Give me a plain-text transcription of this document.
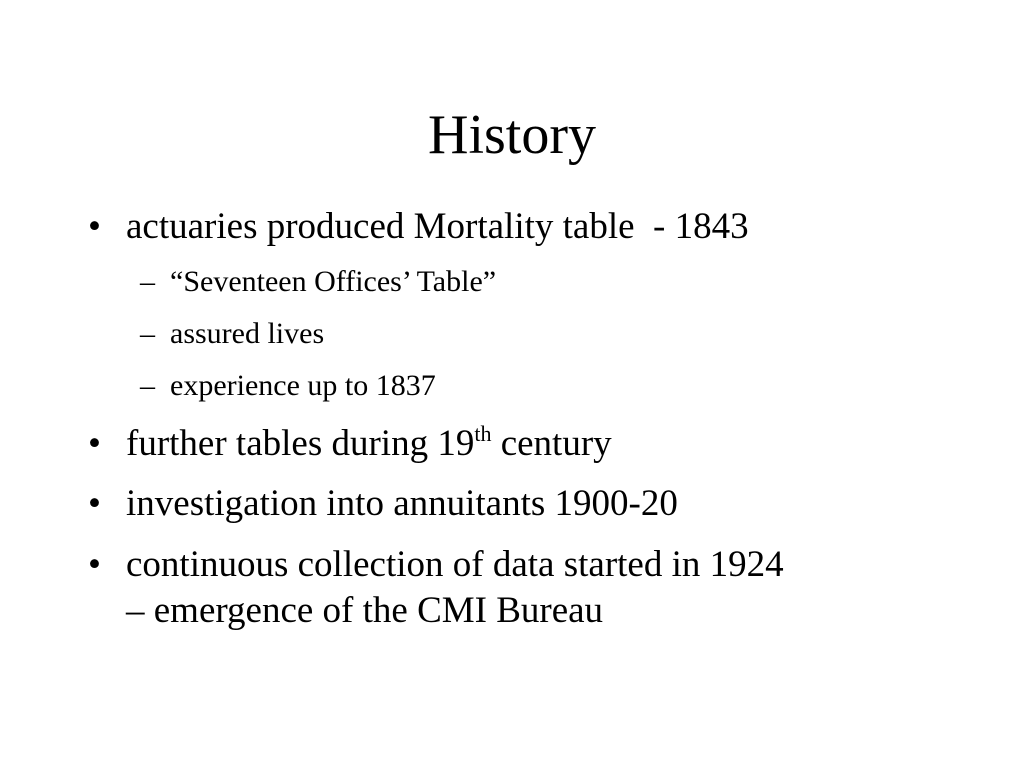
History
• actuaries produced Mortality table  - 1843
– “Seventeen Offices’ Table”
– assured lives
– experience up to 1837
• further tables during 19th century
• investigation into annuitants 1900-20
• continuous collection of data started in 1924
– emergence of the CMI Bureau
